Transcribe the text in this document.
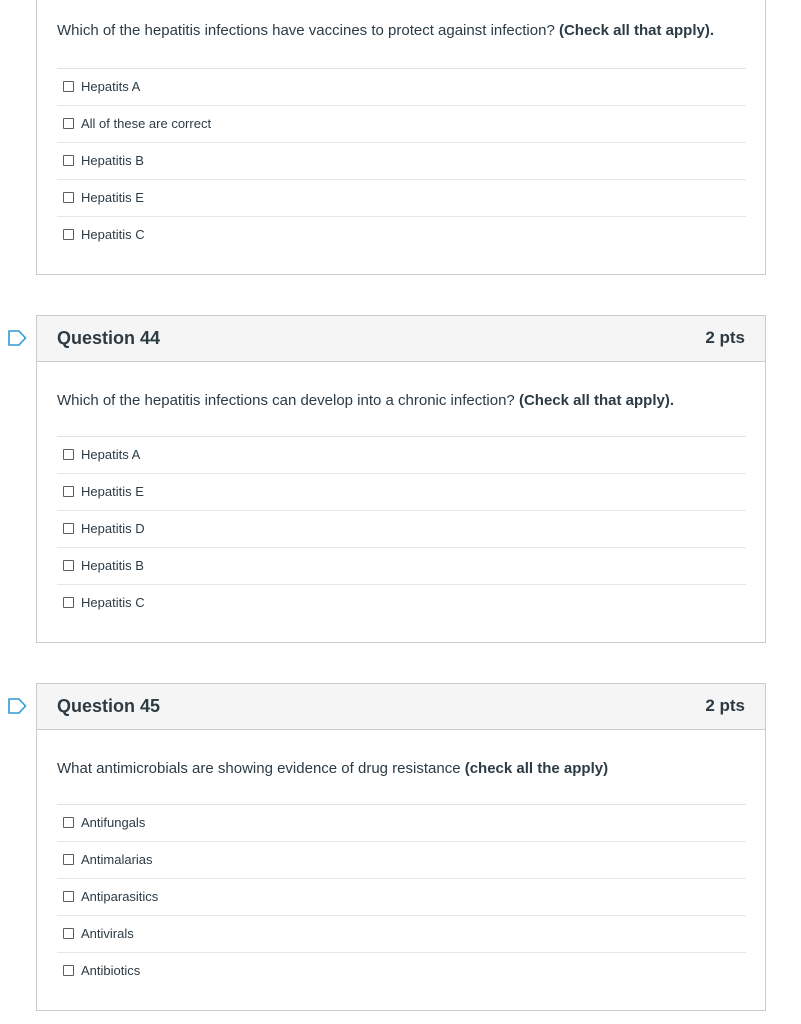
Which of the hepatitis infections have vaccines to protect against infection? (Check all that apply).
Hepatits A
All of these are correct
Hepatitis B
Hepatitis E
Hepatitis C
Question 44	2 pts
Which of the hepatitis infections can develop into a chronic infection? (Check all that apply).
Hepatits A
Hepatitis E
Hepatitis D
Hepatitis B
Hepatitis C
Question 45	2 pts
What antimicrobials are showing evidence of drug resistance (check all the apply)
Antifungals
Antimalarias
Antiparasitics
Antivirals
Antibiotics
